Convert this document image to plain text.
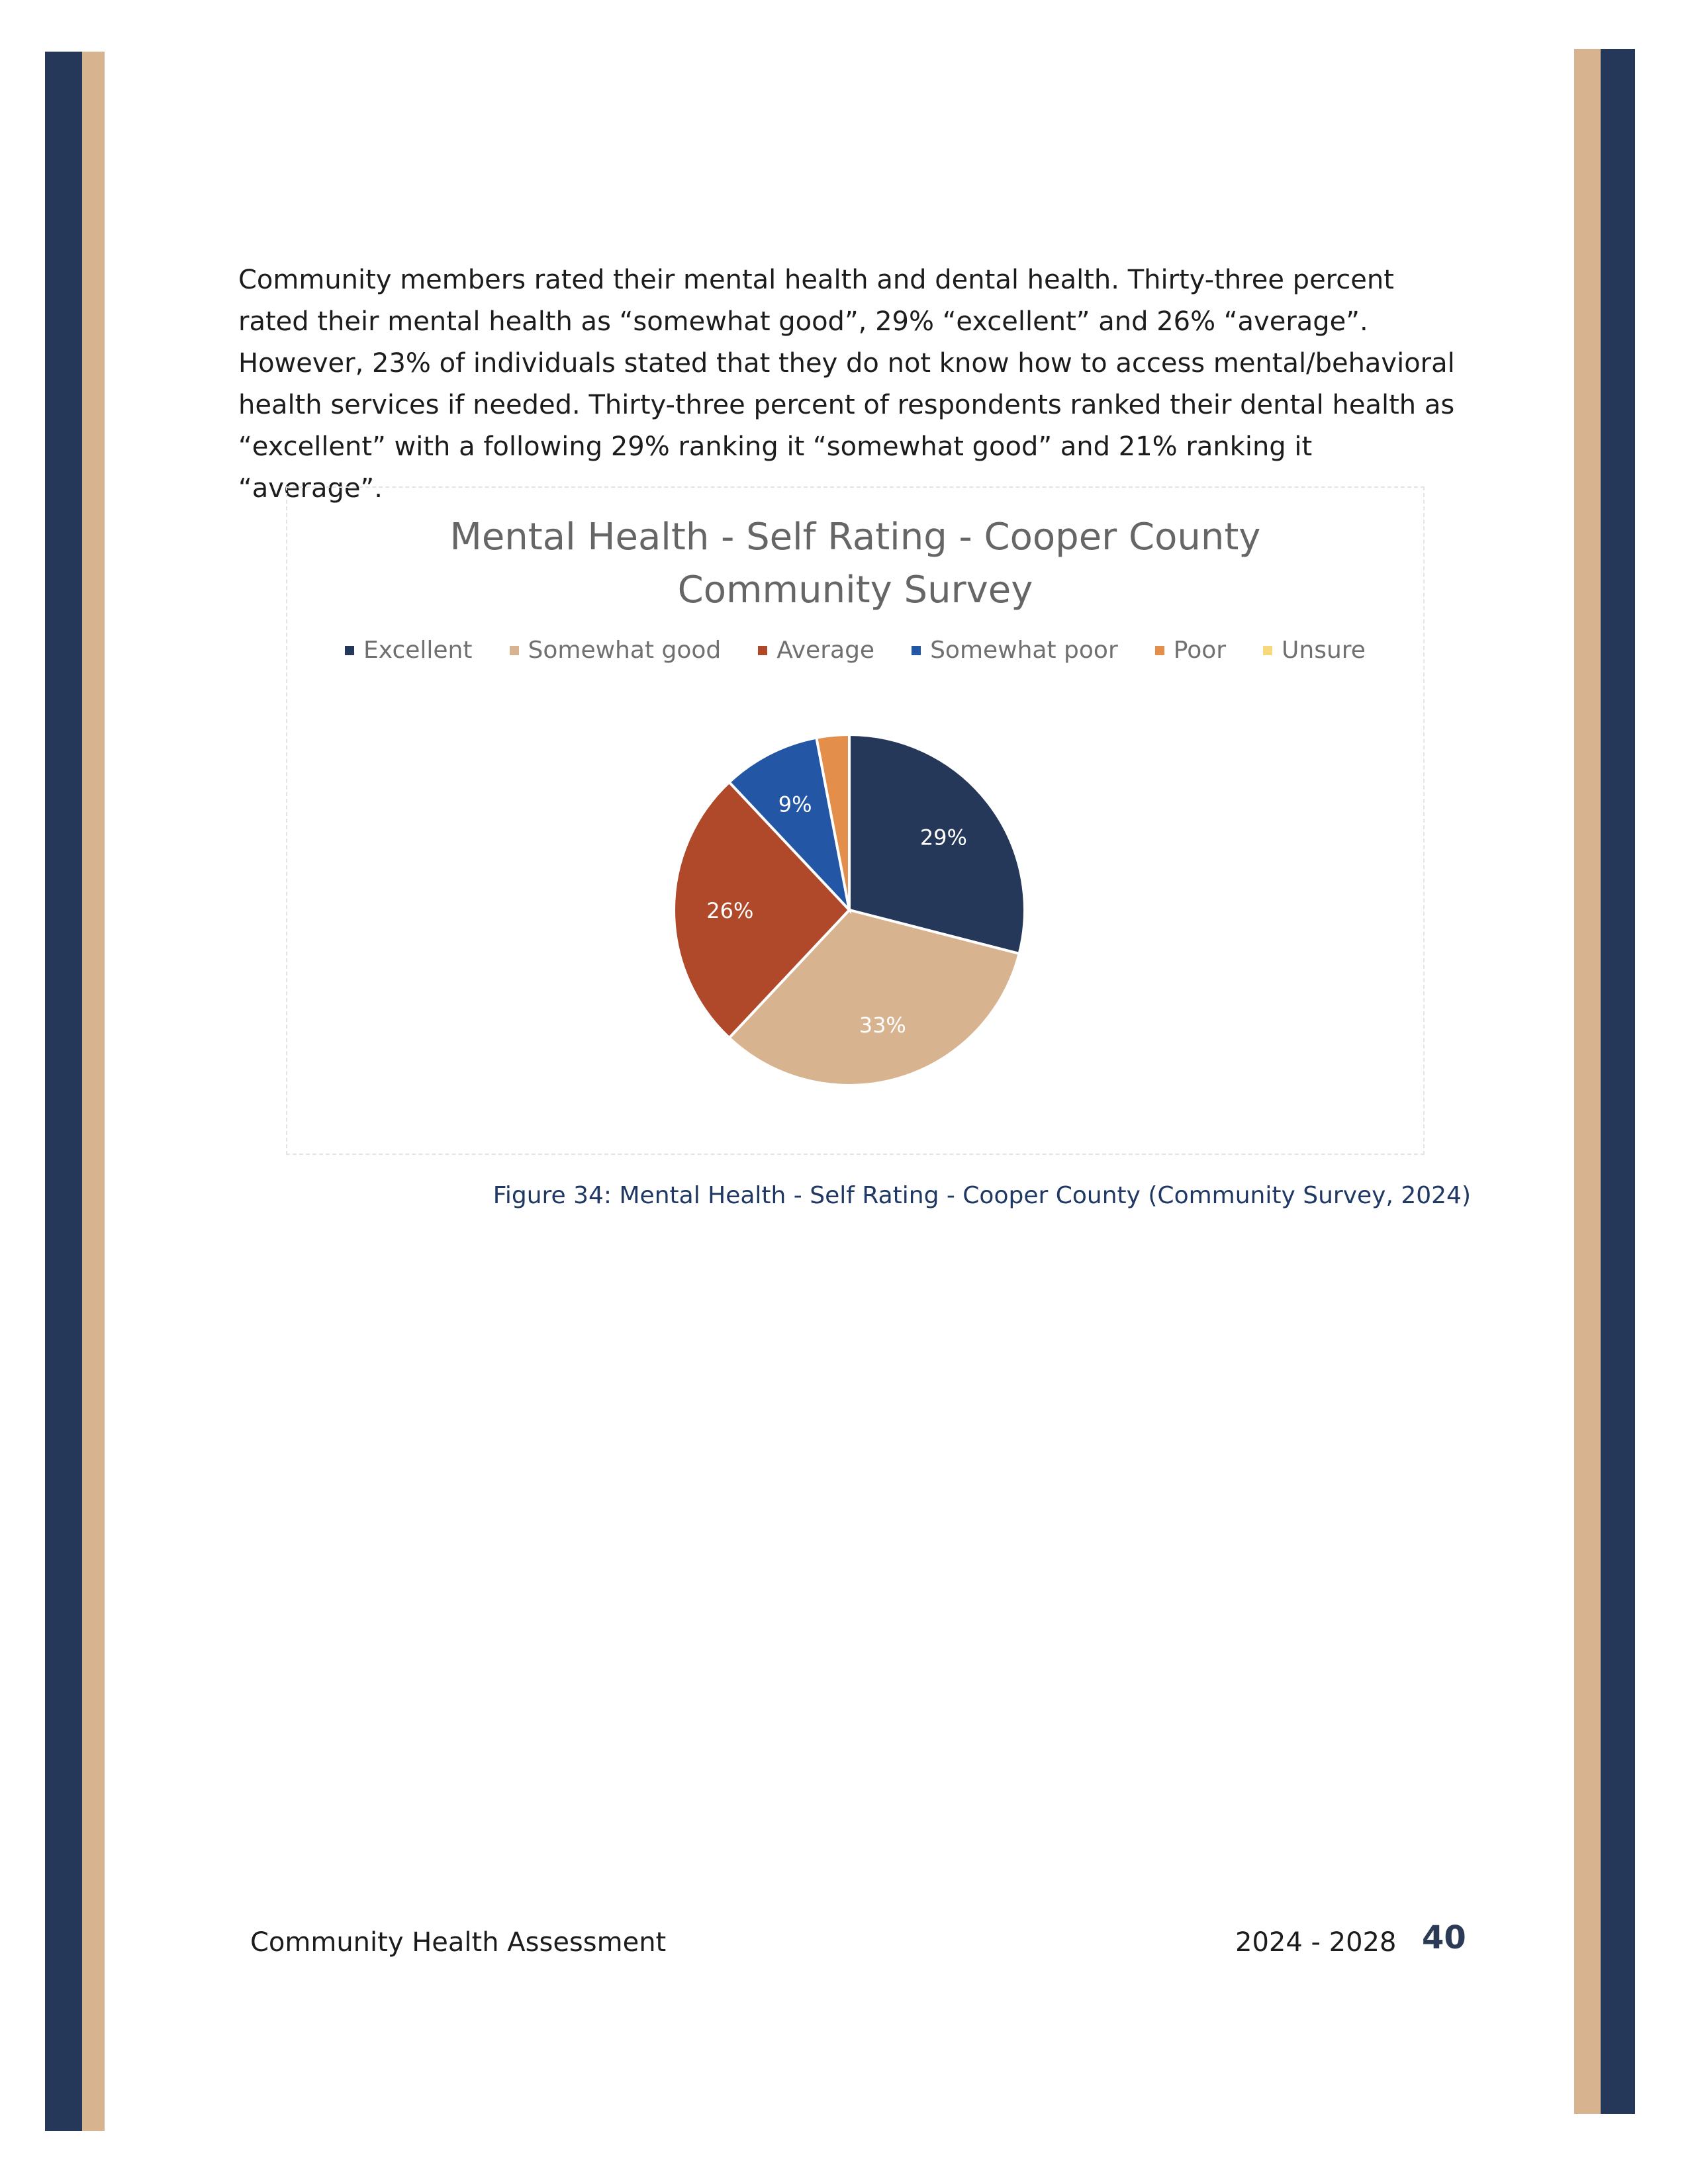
Community members rated their mental health and dental health. Thirty-three percent rated their mental health as “somewhat good”, 29% “excellent” and 26% “average”. However, 23% of individuals stated that they do not know how to access mental/behavioral health services if needed. Thirty-three percent of respondents ranked their dental health as “excellent” with a following 29% ranking it “somewhat good” and 21% ranking it “average”.
Mental Health - Self Rating - Cooper County
Community Survey
Excellent Somewhat good Average Somewhat poor Poor Unsure
29%
33%
26%
9%
Figure 34: Mental Health - Self Rating - Cooper County (Community Survey, 2024)
Community Health Assessment	2024 - 2028 40
